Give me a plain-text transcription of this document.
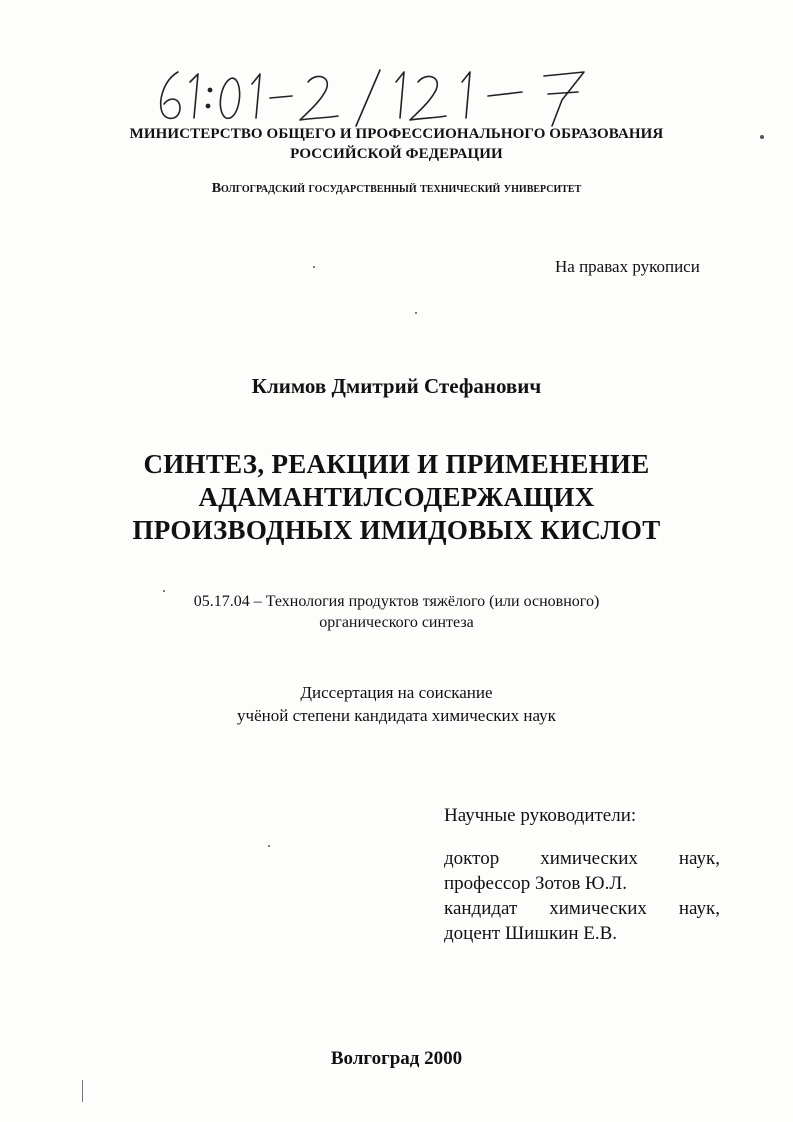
МИНИСТЕРСТВО ОБЩЕГО И ПРОФЕССИОНАЛЬНОГО ОБРАЗОВАНИЯ
РОССИЙСКОЙ ФЕДЕРАЦИИ
Волгоградский государственный технический университет
На правах рукописи
Климов Дмитрий Стефанович
СИНТЕЗ, РЕАКЦИИ И ПРИМЕНЕНИЕ
АДАМАНТИЛСОДЕРЖАЩИХ
ПРОИЗВОДНЫХ ИМИДОВЫХ КИСЛОТ
05.17.04 – Технология продуктов тяжёлого (или основного)
органического синтеза
Диссертация на соискание
учёной степени кандидата химических наук
Научные руководители:
доктор химических наук,
профессор Зотов Ю.Л.
кандидат химических наук,
доцент Шишкин Е.В.
Волгоград 2000
